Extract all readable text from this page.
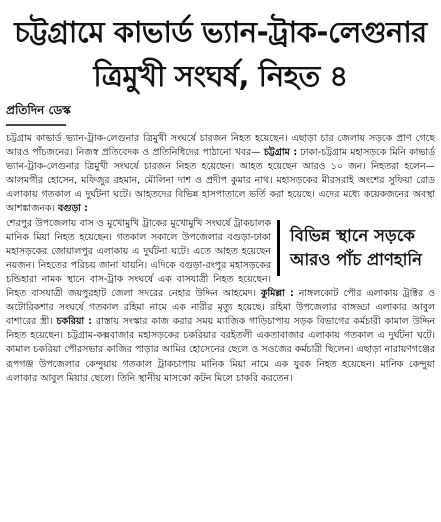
চট্টগ্রামে কাভার্ড ভ্যান-ট্রাক-লেগুনার
ত্রিমুখী সংঘর্ষ, নিহত ৪
প্রতিদিন ডেস্ক

চট্টগ্রাম কাভার্ড ভ্যান-ট্রাক-লেগুনার ত্রিমুখী সংঘর্ষে চারজন নিহত হয়েছেন। এছাড়া চার জেলায় সড়কে প্রাণ গেছে আরও পাঁচজনের। নিজস্ব প্রতিবেদক ও প্রতিনিধিদের পাঠানো খবর— চট্টগ্রাম : ঢাকা-চট্টগ্রাম মহাসড়কে মিনি কাভার্ড ভ্যান-ট্রাক-লেগুনার ত্রিমুখী সংঘর্ষে চারজন নিহত হয়েছেন। আহত হয়েছেন আরও ১০ জন। নিহতরা হলেন— আলমগীর হোসেন, মফিজুর রহমান, মৌলিনা দাশ ও প্রদীপ কুমার নাথ। মহাসড়কের মীরসরাই অংশের সুফিয়া রোড এলাকায় গতকাল এ দুর্ঘটনা ঘটে। আহতদের বিভিন্ন হাসপাতালে ভর্তি করা হয়েছে। এদের মধ্যে কয়েকজনের অবস্থা আশঙ্কাজনক। বগুড়া :

বিভিন্ন স্থানে সড়কে
আরও পাঁচ প্রাণহানি
শেরপুর উপজেলায় বাস ও মুখোমুখি ট্রাকের মুখোমুখি সংঘর্ষে ট্রাকচালক মানিক মিয়া নিহত হয়েছেন। গতকাল সকালে উপজেলার বগুড়া-ঢাকা মহাসড়কের জোয়ালপুর এলাকায় এ দুর্ঘটনা ঘটে। এতে আহত হয়েছেন নয়জন। নিহতের পরিচয় জানা যায়নি। এদিকে বগুড়া-রংপুর মহাসড়কের চন্ডিহারা নামক স্থানে বাস-ট্রাক সংঘর্ষে এক বাসযাত্রী নিহত হয়েছেন। নিহত বাসযাত্রী জয়পুরহাট জেলা সদরের নেহার উদ্দিন আহমেদ। কুমিল্লা : নাঙ্গলকোট পৌর এলাকায় ট্রাক্টর ও অটোরিকশার সংঘর্ষে গতকাল রহিমা নামে এক নারীর মৃত্যু হয়েছে। রহিমা উপজেলার বাঙ্গড্ডা এলাকার আবুল বাশারের স্ত্রী। চকরিয়া : রাস্তায় সংস্কার কাজ করার সময় ম্যাজিক গাড়িচাপায় সড়ক বিভাগের কর্মচারী কামাল উদ্দিন নিহত হয়েছেন। চট্টগ্রাম-কক্সবাজার মহাসড়কের চকরিয়ার বরইতলী একতাবাজার এলাকায় গতকাল এ দুর্ঘটনা ঘটে। কামাল চকরিয়া পৌরসভার কাজির পাড়ার আমির হোসেনের ছেলে ও সওজের কর্মচারী ছিলেন। এছাড়া নারায়ণগঞ্জের রূপগঞ্জ উপজেলার কেন্দুয়ায় গতকাল ট্রাকচাপায় মানিক মিয়া নামে এক যুবক নিহত হয়েছেন। মানিক কেন্দুয়া এলাকার আবুল মিয়ার ছেলে। তিনি স্থানীয় মাসকো কটন মিলে চাকরি করতেন।
